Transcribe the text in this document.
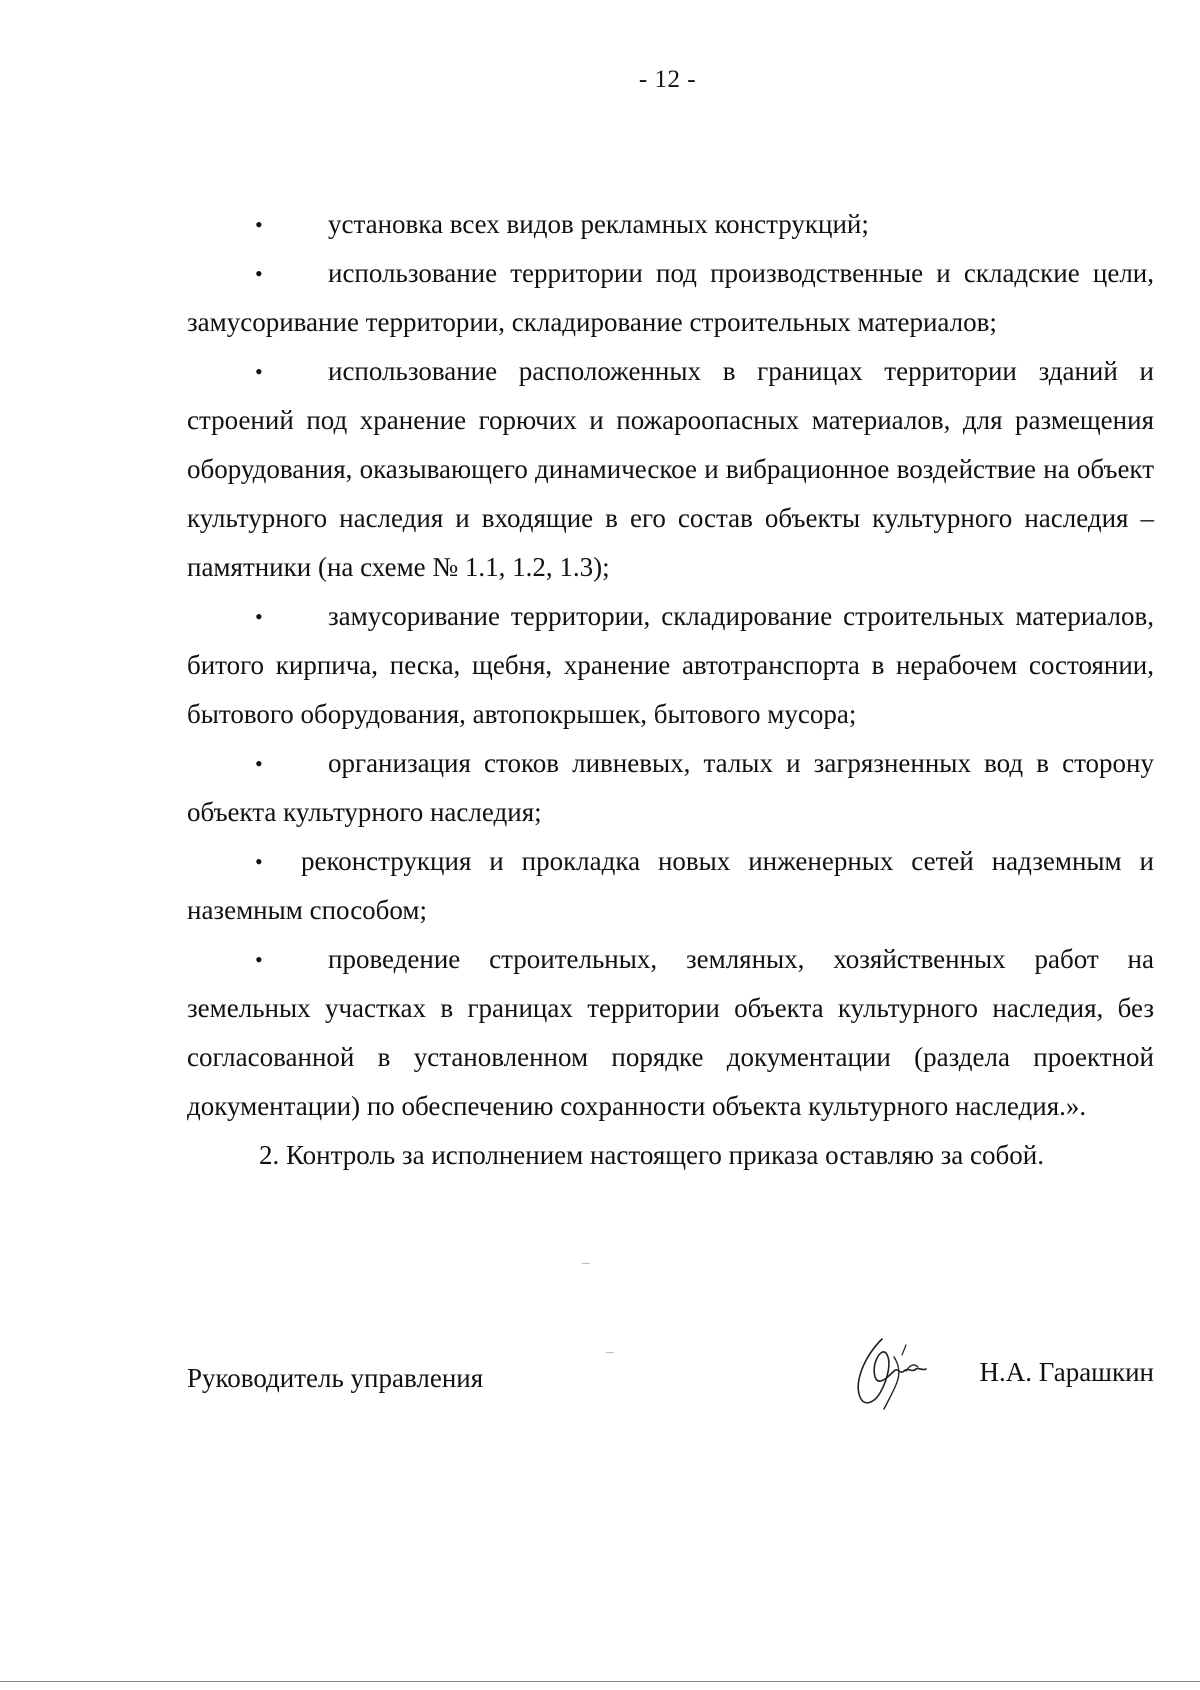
- 12 -

• установка всех видов рекламных конструкций;

• использование территории под производственные и складские цели, замусоривание территории, складирование строительных материалов;

• использование расположенных в границах территории зданий и строений под хранение горючих и пожароопасных материалов, для размещения оборудования, оказывающего динамическое и вибрационное воздействие на объект культурного наследия и входящие в его состав объекты культурного наследия – памятники (на схеме № 1.1, 1.2, 1.3);

• замусоривание территории, складирование строительных материалов, битого кирпича, песка, щебня, хранение автотранспорта в нерабочем состоянии, бытового оборудования, автопокрышек, бытового мусора;

• организация стоков ливневых, талых и загрязненных вод в сторону объекта культурного наследия;

• реконструкция и прокладка новых инженерных сетей надземным и наземным способом;

• проведение строительных, земляных, хозяйственных работ на земельных участках в границах территории объекта культурного наследия, без согласованной в установленном порядке документации (раздела проектной документации) по обеспечению сохранности объекта культурного наследия.».

2. Контроль за исполнением настоящего приказа оставляю за собой.

Руководитель управления	Н.А. Гарашкин
